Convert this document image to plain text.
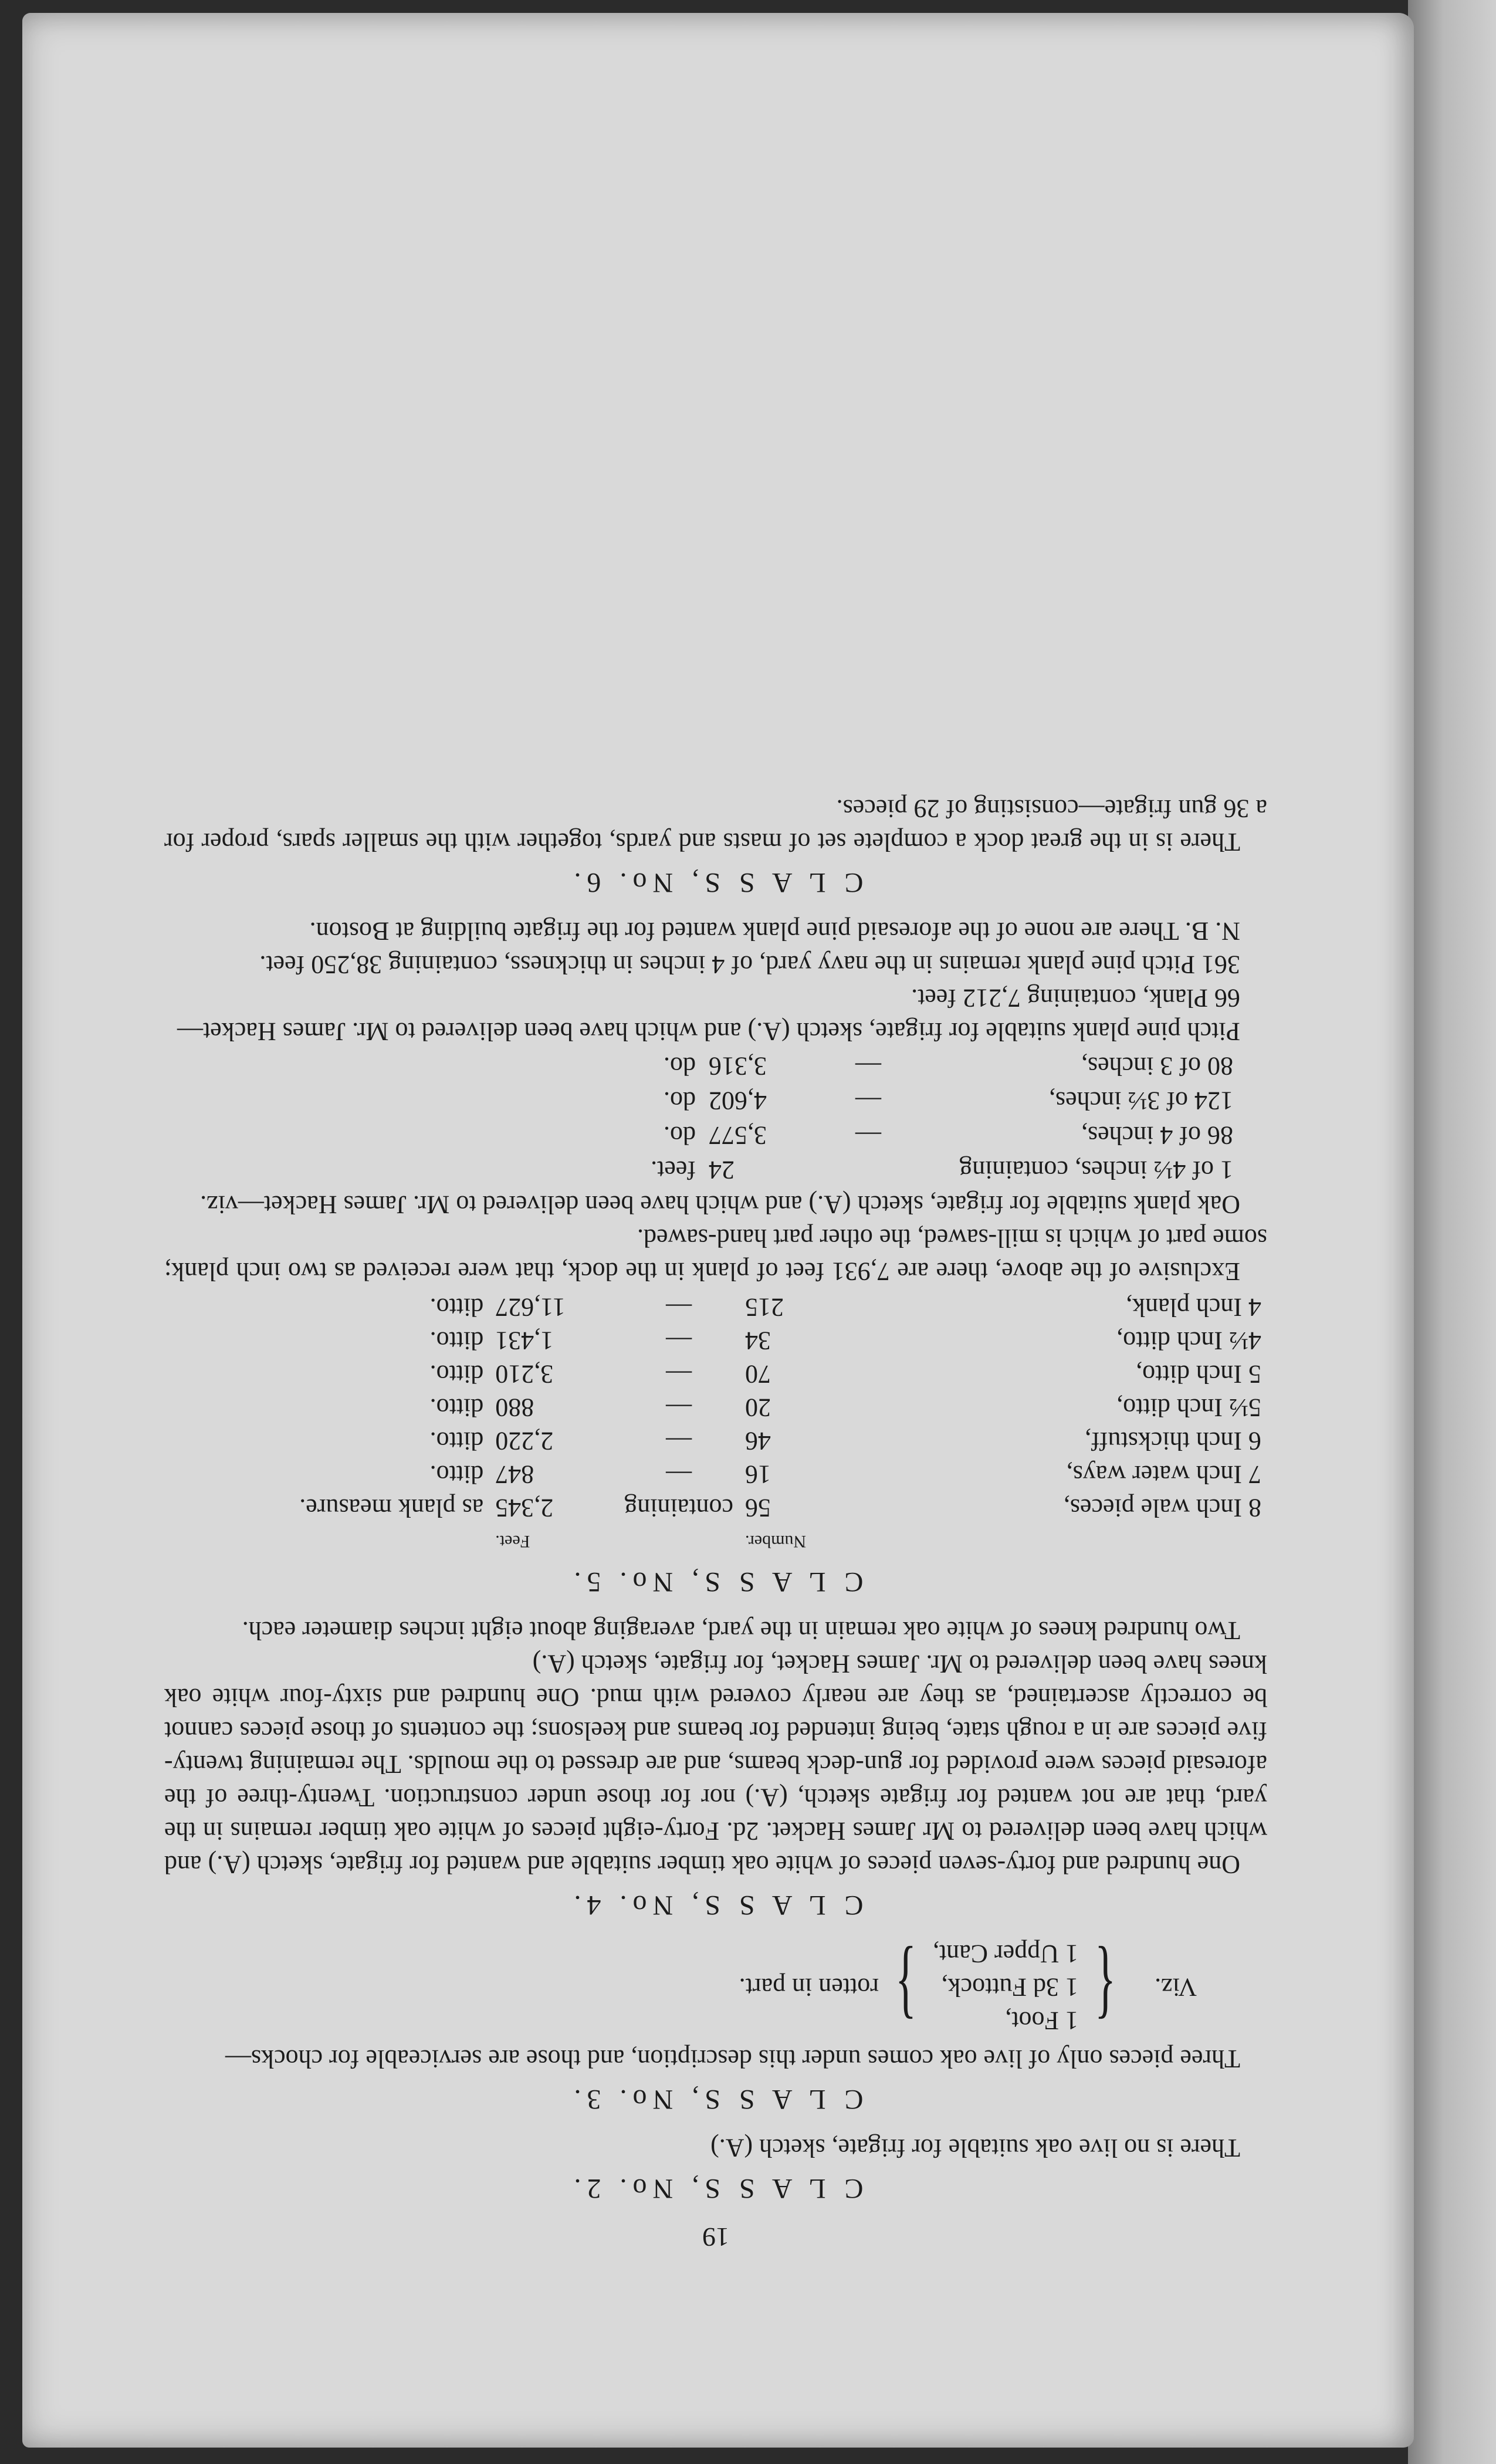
19
C L A S S, No. 2.

There is no live oak suitable for frigate, sketch (A.)

C L A S S, No. 3.

Three pieces only of live oak comes under this description, and those are serviceable for chocks—

Viz.
{
1 Foot,
1 3d Futtock,
1 Upper Cant,
}
rotten in part.
C L A S S, No. 4.

One hundred and forty-seven pieces of white oak timber suitable and wanted for frigate, sketch (A.) and which have been delivered to Mr James Hacket. 2d. Forty-eight pieces of white oak timber remains in the yard, that are not wanted for frigate sketch, (A.) nor for those under construction. Twenty-three of the aforesaid pieces were provided for gun-deck beams, and are dressed to the moulds. The remaining twenty-five pieces are in a rough state, being intended for beams and keelsons; the contents of those pieces cannot be correctly ascertained, as they are nearly covered with mud. One hundred and sixty-four white oak knees have been delivered to Mr. James Hacket, for frigate, sketch (A.)

Two hundred knees of white oak remain in the yard, averaging about eight inches diameter each.

C L A S S, No. 5.
	Number.		Feet.	
8 Inch wale pieces,	56	containing	2,345	as plank measure.
7 Inch water ways,	16	—	847	ditto.
6 Inch thickstuff,	46	—	2,220	ditto.
5½ Inch ditto,	20	—	880	ditto.
5 Inch ditto,	70	—	3,210	ditto.
4½ Inch ditto,	34	—	1,431	ditto.
4 Inch plank,	215	—	11,627	ditto.

Exclusive of the above, there are 7,931 feet of plank in the dock, that were received as two inch plank; some part of which is mill-sawed, the other part hand-sawed.

Oak plank suitable for frigate, sketch (A.) and which have been delivered to Mr. James Hacket—viz.

1 of 4½ inches, containing		24	feet.
86 of 4 inches,	—	3,577	do.
124 of 3½ inches,	—	4,602	do.
80 of 3 inches,	—	3,316	do.

Pitch pine plank suitable for frigate, sketch (A.) and which have been delivered to Mr. James Hacket—

66 Plank, containing 7,212 feet.

361 Pitch pine plank remains in the navy yard, of 4 inches in thickness, containing 38,250 feet.

N. B. There are none of the aforesaid pine plank wanted for the frigate building at Boston.

C L A S S, No. 6.

There is in the great dock a complete set of masts and yards, together with the smaller spars, proper for a 36 gun frigate—consisting of 29 pieces.
